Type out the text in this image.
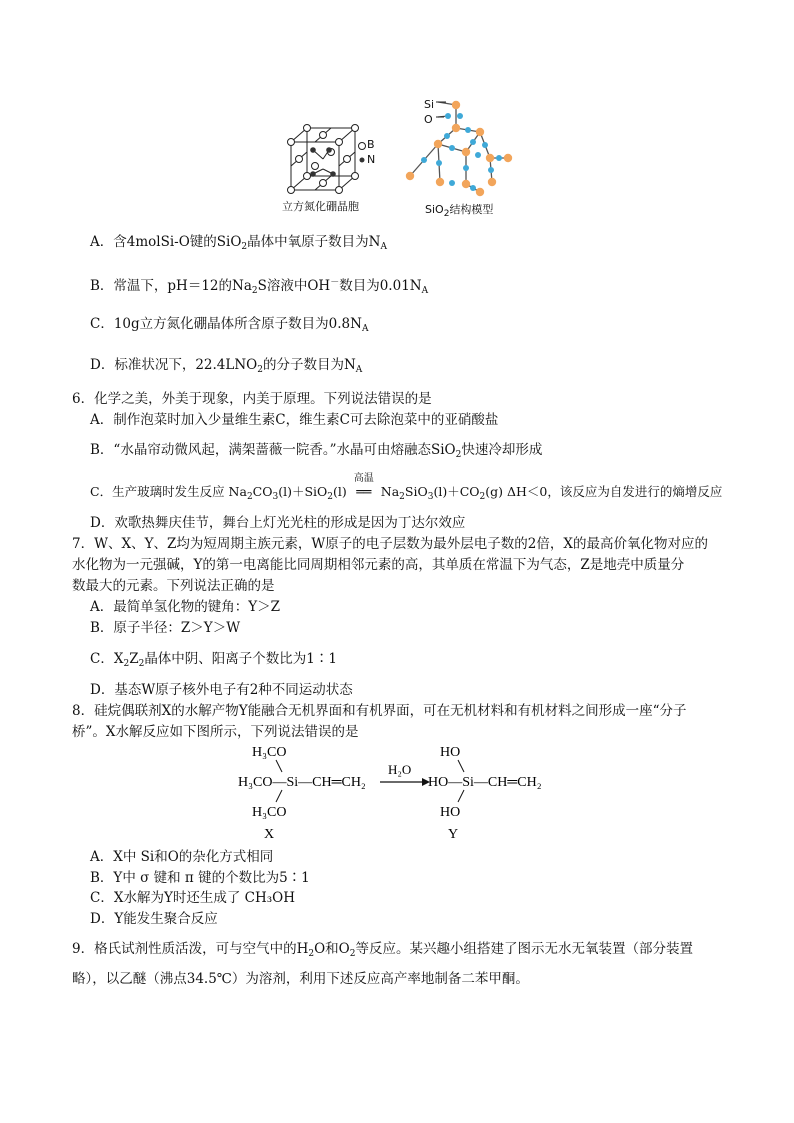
B
N
立方氮化硼晶胞
Si
O
SiO$_2$结构模型
A．含4molSi-O键的SiO$_2$晶体中氧原子数目为$N_A$
B．常温下，pH＝12的$Na_2S$溶液中OH－数目为$0.01N_A$
C．10g立方氮化硼晶体所含原子数目为$0.8N_A$
D．标准状况下，$22.4LNO_2$的分子数目为$N_A$
6．化学之美，外美于现象，内美于原理。下列说法错误的是
A．制作泡菜时加入少量维生素C，维生素C可去除泡菜中的亚硝酸盐
B．“水晶帘动微风起，满架蔷薇一院香。”水晶可由熔融态SiO$_2$快速冷却形成
C．生产玻璃时发生反应 $Na_2CO_3(l)+SiO_2(l)$
高温
══ $Na_2SiO_3(l)+CO_2(g)$ ΔH＜0，该反应为自发进行的熵增反应
D．欢歌热舞庆佳节，舞台上灯光光柱的形成是因为丁达尔效应
7．W、X、Y、Z均为短周期主族元素，W原子的电子层数为最外层电子数的2倍，X的最高价氧化物对应的
水化物为一元强碱，Y的第一电离能比同周期相邻元素的高，其单质在常温下为气态，Z是地壳中质量分
数最大的元素。下列说法正确的是
A．最简单氢化物的键角：Y＞Z
B．原子半径：Z＞Y＞W
C．$X_2Z_2$晶体中阴、阳离子个数比为1∶1
D．基态W原子核外电子有2种不同运动状态
8．硅烷偶联剂X的水解产物Y能融合无机界面和有机界面，可在无机材料和有机材料之间形成一座“分子
桥”。X水解反应如下图所示，下列说法错误的是
H₃CO
H₃CO—Si—CH═CH₂
H₃CO
X
H₂O
HO
HO—Si—CH═CH₂
HO
Y
A．X中 Si和O的杂化方式相同
B．Y中 σ 键和 π 键的个数比为5∶1
C．X水解为Y时还生成了 CH₃OH
D．Y能发生聚合反应
9．格氏试剂性质活泼，可与空气中的$H_2O$和$O_2$等反应。某兴趣小组搭建了图示无水无氧装置（部分装置
略），以乙醚（沸点34.5℃）为溶剂，利用下述反应高产率地制备二苯甲酮。
